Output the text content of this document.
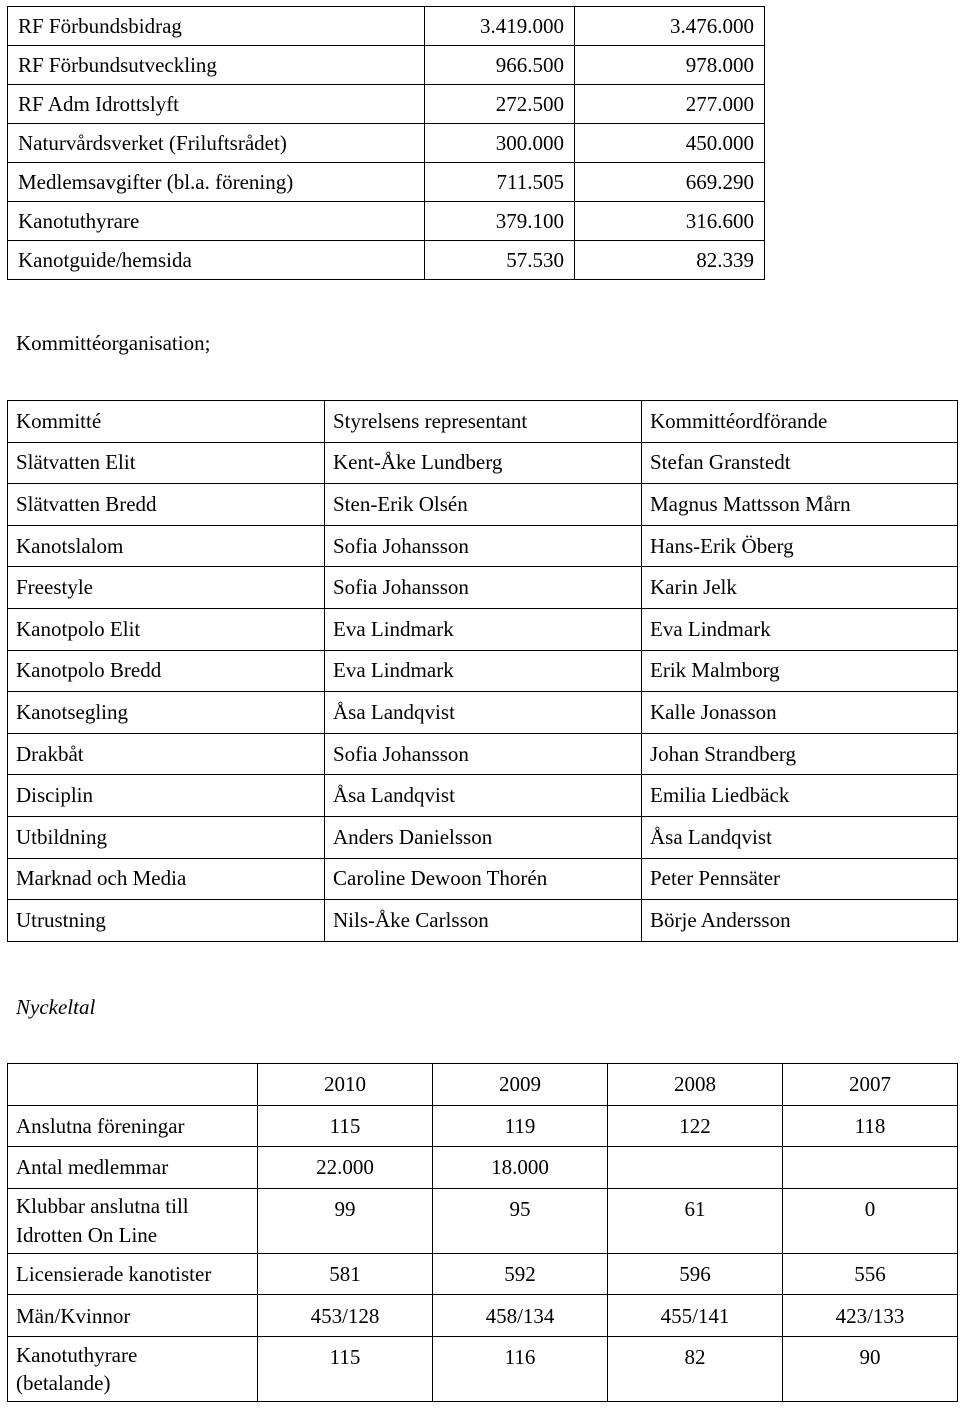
RF Förbundsbidrag	3.419.000	3.476.000
RF Förbundsutveckling	966.500	978.000
RF Adm Idrottslyft	272.500	277.000
Naturvårdsverket (Friluftsrådet)	300.000	450.000
Medlemsavgifter (bl.a. förening)	711.505	669.290
Kanotuthyrare	379.100	316.600
Kanotguide/hemsida	57.530	82.339

Kommittéorganisation;

Kommitté	Styrelsens representant	Kommittéordförande
Slätvatten Elit	Kent-Åke Lundberg	Stefan Granstedt
Slätvatten Bredd	Sten-Erik Olsén	Magnus Mattsson Mårn
Kanotslalom	Sofia Johansson	Hans-Erik Öberg
Freestyle	Sofia Johansson	Karin Jelk
Kanotpolo Elit	Eva Lindmark	Eva Lindmark
Kanotpolo Bredd	Eva Lindmark	Erik Malmborg
Kanotsegling	Åsa Landqvist	Kalle Jonasson
Drakbåt	Sofia Johansson	Johan Strandberg
Disciplin	Åsa Landqvist	Emilia Liedbäck
Utbildning	Anders Danielsson	Åsa Landqvist
Marknad och Media	Caroline Dewoon Thorén	Peter Pennsäter
Utrustning	Nils-Åke Carlsson	Börje Andersson

Nyckeltal

	2010	2009	2008	2007
Anslutna föreningar	115	119	122	118
Antal medlemmar	22.000	18.000		
Klubbar anslutna till
Idrotten On Line	99	95	61	0
Licensierade kanotister	581	592	596	556
Män/Kvinnor	453/128	458/134	455/141	423/133
Kanotuthyrare
(betalande)	115	116	82	90
